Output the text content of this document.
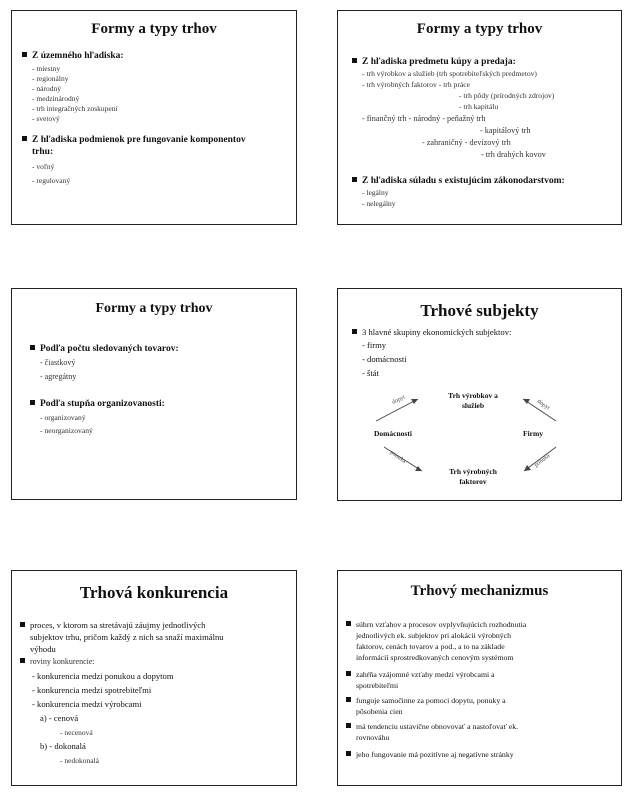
Formy a typy trhov
Z územného hľadiska:
- miestny
- regionálny
- národný
- medzinárodný
- trh integračných zoskupení
- svetový
Z hľadiska podmienok pre fungovanie komponentov
trhu:
- voľný
- regulovaný
Formy a typy trhov
Z hľadiska predmetu kúpy a predaja:
- trh výrobkov a služieb (trh spotrebiteľských predmetov)
- trh výrobných faktorov - trh práce
- trh pôdy (prírodných zdrojov)
- trh kapitálu
- finančný trh - národný - peňažný trh
- kapitálový trh
- zahraničný - devízový trh
- trh drahých kovov
Z hľadiska súladu s existujúcim zákonodarstvom:
- legálny
- nelegálny
Formy a typy trhov
Podľa počtu sledovaných tovarov:
- čiastkový
- agregátny
Podľa stupňa organizovanosti:
- organizovaný
- neorganizovaný
Trhové subjekty
3 hlavné skupiny ekonomických subjektov:
- firmy
- domácnosti
- štát
Trh výrobkov a
služieb
Domácnosti	Firmy
Trh výrobných
faktorov
dopyt	dopyt
ponuka
ponuka
Trhová konkurencia
proces, v ktorom sa stretávajú záujmy jednotlivých
subjektov trhu, pričom každý z nich sa snaží maximálnu
výhodu
roviny konkurencie:
- konkurencia medzi ponukou a dopytom
- konkurencia medzi spotrebiteľmi
- konkurencia medzi výrobcami
a) - cenová
- necenová
b) - dokonalá
- nedokonalá
Trhový mechanizmus
súhrn vzťahov a procesov ovplyvňujúcich rozhodnutia
jednotlivých ek. subjektov pri alokácii výrobných
faktorov, cenách tovarov a pod., a to na základe
informácií sprostredkovaných cenovým systémom
zahŕňa vzájomné vzťahy medzi výrobcami a
spotrebiteľmi
funguje samočinne za pomoci dopytu, ponuky a
pôsobenia cien
má tendenciu ustavične obnovovať a nastoľovať ek.
rovnováhu
jeho fungovanie má pozitívne aj negatívne stránky
